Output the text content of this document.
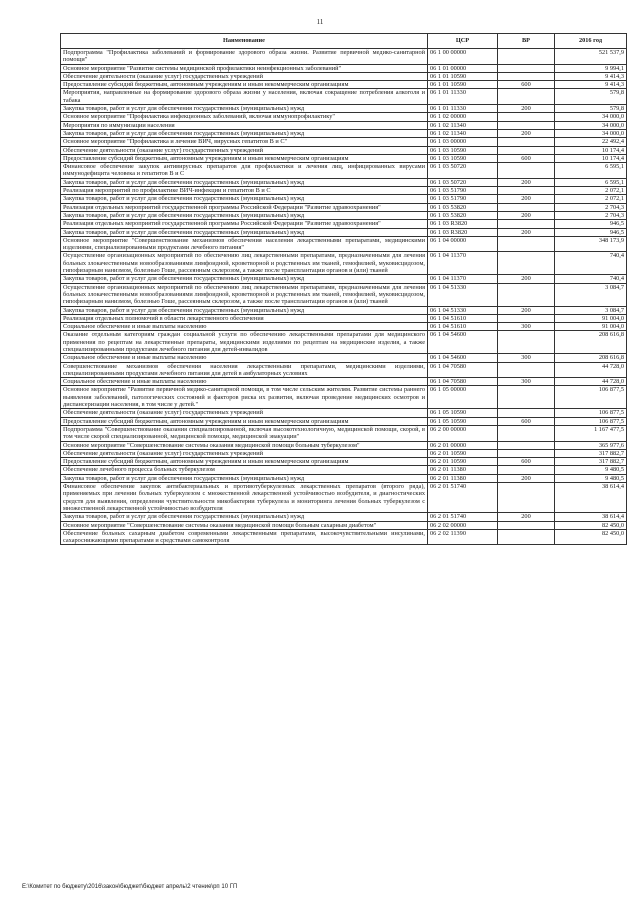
11
Наименование	ЦСР	ВР	2016 год
Подпрограмма "Профилактика заболеваний и формирование здорового образа жизни. Развитие первичной медико-санитарной помощи"	06 1 00 00000		521 537,9
Основное мероприятие "Развитие системы медицинской профилактики неинфекционных заболеваний"	06 1 01 00000		9 994,1
Обеспечение деятельности (оказание услуг) государственных учреждений	06 1 01 10590		9 414,3
Предоставление субсидий бюджетным, автономным учреждениям и иным некоммерческим организациям	06 1 01 10590	600	9 414,3
Мероприятия, направленные на формирование здорового образа жизни у населения, включая сокращение потребления алкоголя и табака	06 1 01 11330		579,8
Закупка товаров, работ и услуг для обеспечения государственных (муниципальных) нужд	06 1 01 11330	200	579,8
Основное мероприятие "Профилактика инфекционных заболеваний, включая иммунопрофилактику"	06 1 02 00000		34 000,0
Мероприятия по иммунизации населения	06 1 02 11340		34 000,0
Закупка товаров, работ и услуг для обеспечения государственных (муниципальных) нужд	06 1 02 11340	200	34 000,0
Основное мероприятие "Профилактика и лечение ВИЧ, вирусных гепатитов В и С"	06 1 03 00000		22 492,4
Обеспечение деятельности (оказание услуг) государственных учреждений	06 1 03 10590		10 174,4
Предоставление субсидий бюджетным, автономным учреждениям и иным некоммерческим организациям	06 1 03 10590	600	10 174,4
Финансовое обеспечение закупок антивирусных препаратов для профилактики и лечения лиц, инфицированных вирусами иммунодефицита человека и гепатитов В и С	06 1 03 50720		6 595,1
Закупка товаров, работ и услуг для обеспечения государственных (муниципальных) нужд	06 1 03 50720	200	6 595,1
Реализация мероприятий по профилактике ВИЧ-инфекции и гепатитов В и С	06 1 03 51790		2 072,1
Закупка товаров, работ и услуг для обеспечения государственных (муниципальных) нужд	06 1 03 51790	200	2 072,1
Реализация отдельных мероприятий государственной программы Российской Федерации "Развитие здравоохранения"	06 1 03 53820		2 704,3
Закупка товаров, работ и услуг для обеспечения государственных (муниципальных) нужд	06 1 03 53820	200	2 704,3
Реализация отдельных мероприятий государственной программы Российской Федерации "Развитие здравоохранения"	06 1 03 R3820		946,5
Закупка товаров, работ и услуг для обеспечения государственных (муниципальных) нужд	06 1 03 R3820	200	946,5
Основное мероприятие "Совершенствование механизмов обеспечения населения лекарственными препаратами, медицинскими изделиями, специализированными продуктами лечебного питания"	06 1 04 00000		348 173,9
Осуществление организационных мероприятий по обеспечению лиц лекарственными препаратами, предназначенными для лечения больных злокачественными новообразованиями лимфоидной, кроветворной и родственных им тканей, гемофилией, муковисцидозом, гипофизарным нанизмом, болезнью Гоше, рассеянным склерозом, а также после трансплантации органов и (или) тканей	06 1 04 11370		740,4
Закупка товаров, работ и услуг для обеспечения государственных (муниципальных) нужд	06 1 04 11370	200	740,4
Осуществление организационных мероприятий по обеспечению лиц лекарственными препаратами, предназначенными для лечения больных злокачественными новообразованиями лимфоидной, кроветворной и родственных им тканей, гемофилией, муковисцидозом, гипофизарным нанизмом, болезнью Гоше, рассеянным склерозом, а также после трансплантации органов и (или) тканей	06 1 04 51330		3 084,7
Закупка товаров, работ и услуг для обеспечения государственных (муниципальных) нужд	06 1 04 51330	200	3 084,7
Реализация отдельных полномочий в области лекарственного обеспечения	06 1 04 51610		91 004,0
Социальное обеспечение и иные выплаты населению	06 1 04 51610	300	91 004,0
Оказание отдельным категориям граждан социальной услуги по обеспечению лекарственными препаратами для медицинского применения по рецептам на лекарственные препараты, медицинскими изделиями по рецептам на медицинские изделия, а также специализированными продуктами лечебного питания для детей-инвалидов	06 1 04 54600		208 616,8
Социальное обеспечение и иные выплаты населению	06 1 04 54600	300	208 616,8
Совершенствование механизмов обеспечения населения лекарственными препаратами, медицинскими изделиями, специализированными продуктами лечебного питания для детей в амбулаторных условиях	06 1 04 70580		44 728,0
Социальное обеспечение и иные выплаты населению	06 1 04 70580	300	44 728,0
Основное мероприятие "Развитие первичной медико-санитарной помощи, в том числе сельским жителям. Развитие системы раннего выявления заболеваний, патологических состояний и факторов риска их развития, включая проведение медицинских осмотров и диспансеризации населения, в том числе у детей."	06 1 05 00000		106 877,5
Обеспечение деятельности (оказание услуг) государственных учреждений	06 1 05 10590		106 877,5
Предоставление субсидий бюджетным, автономным учреждениям и иным некоммерческим организациям	06 1 05 10590	600	106 877,5
Подпрограмма "Совершенствование оказания специализированной, включая высокотехнологичную, медицинской помощи, скорой, в том числе скорой специализированной, медицинской помощи, медицинской эвакуации"	06 2 00 00000		1 167 477,5
Основное мероприятие "Совершенствование системы оказания медицинской помощи больным туберкулезом"	06 2 01 00000		365 977,6
Обеспечение деятельности (оказание услуг) государственных учреждений	06 2 01 10590		317 882,7
Предоставление субсидий бюджетным, автономным учреждениям и иным некоммерческим организациям	06 2 01 10590	600	317 882,7
Обеспечение лечебного процесса больных туберкулезом	06 2 01 11380		9 480,5
Закупка товаров, работ и услуг для обеспечения государственных (муниципальных) нужд	06 2 01 11380	200	9 480,5
Финансовое обеспечение закупок антибактериальных и противотуберкулезных лекарственных препаратов (второго ряда), применяемых при лечении больных туберкулезом с множественной лекарственной устойчивостью возбудителя, и диагностических средств для выявления, определения чувствительности микобактерии туберкулеза и мониторинга лечения больных туберкулезом с множественной лекарственной устойчивостью возбудителя	06 2 01 51740		38 614,4
Закупка товаров, работ и услуг для обеспечения государственных (муниципальных) нужд	06 2 01 51740	200	38 614,4
Основное мероприятие "Совершенствование системы оказания медицинской помощи больным сахарным диабетом"	06 2 02 00000		82 450,0
Обеспечение больных сахарным диабетом современными лекарственными препаратами, высокочувствительными инсулинами, сахароснижающими препаратами и средствами самоконтроля	06 2 02 11390		82 450,0
Е:\Комитет по бюджету\2016\закон\бюджет\бюджет апрель\2 чтение\рп 10 ГП
